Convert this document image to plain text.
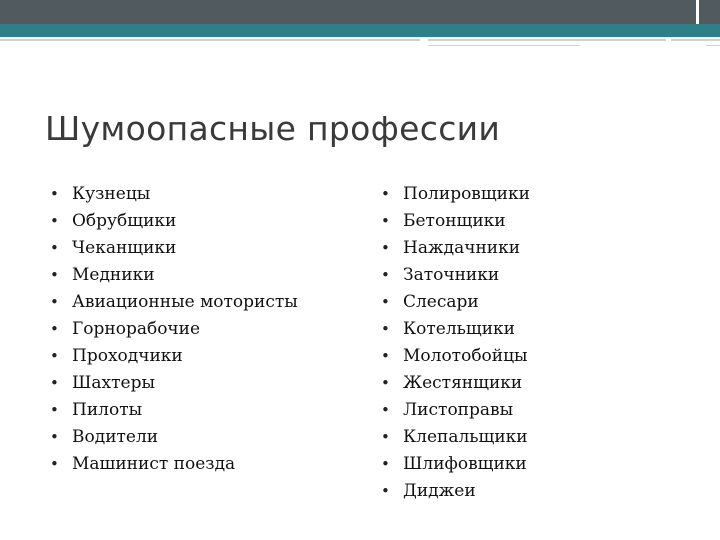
Шумоопасные профессии
• Кузнецы
• Обрубщики
• Чеканщики
• Медники
• Авиационные мотористы
• Горнорабочие
• Проходчики
• Шахтеры
• Пилоты
• Водители
• Машинист поезда
• Полировщики
• Бетонщики
• Наждачники
• Заточники
• Слесари
• Котельщики
• Молотобойцы
• Жестянщики
• Листоправы
• Клепальщики
• Шлифовщики
• Диджеи
